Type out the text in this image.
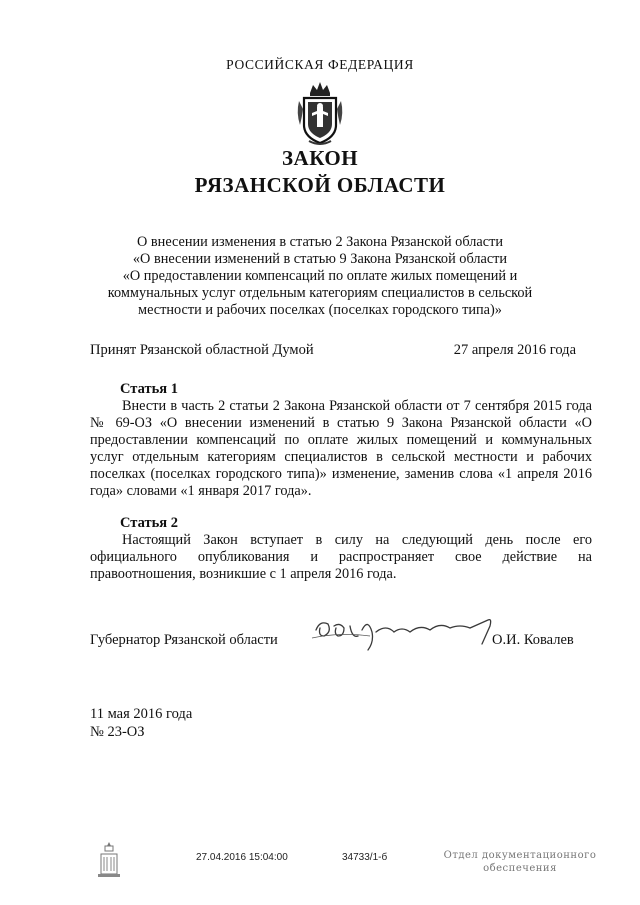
РОССИЙСКАЯ ФЕДЕРАЦИЯ
ЗАКОН
РЯЗАНСКОЙ ОБЛАСТИ
О внесении изменения в статью 2 Закона Рязанской области
«О внесении изменений в статью 9 Закона Рязанской области
«О предоставлении компенсаций по оплате жилых помещений и
коммунальных услуг отдельным категориям специалистов в сельской
местности и рабочих поселках (поселках городского типа)»
Принят Рязанской областной Думой	27 апреля 2016 года
Статья 1

Внести в часть 2 статьи 2 Закона Рязанской области от 7 сентября 2015 года № 69-ОЗ «О внесении изменений в статью 9 Закона Рязанской области «О предоставлении компенсаций по оплате жилых помещений и коммунальных услуг отдельным категориям специалистов в сельской местности и рабочих поселках (поселках городского типа)» изменение, заменив слова «1 апреля 2016 года» словами «1 января 2017 года».

Статья 2

Настоящий Закон вступает в силу на следующий день после его официального опубликования и распространяет свое действие на правоотношения, возникшие с 1 апреля 2016 года.

Губернатор Рязанской области	О.И. Ковалев
11 мая 2016 года
№ 23-ОЗ
27.04.2016 15:04:00	34733/1-б	Отдел документационного
обеспечения
